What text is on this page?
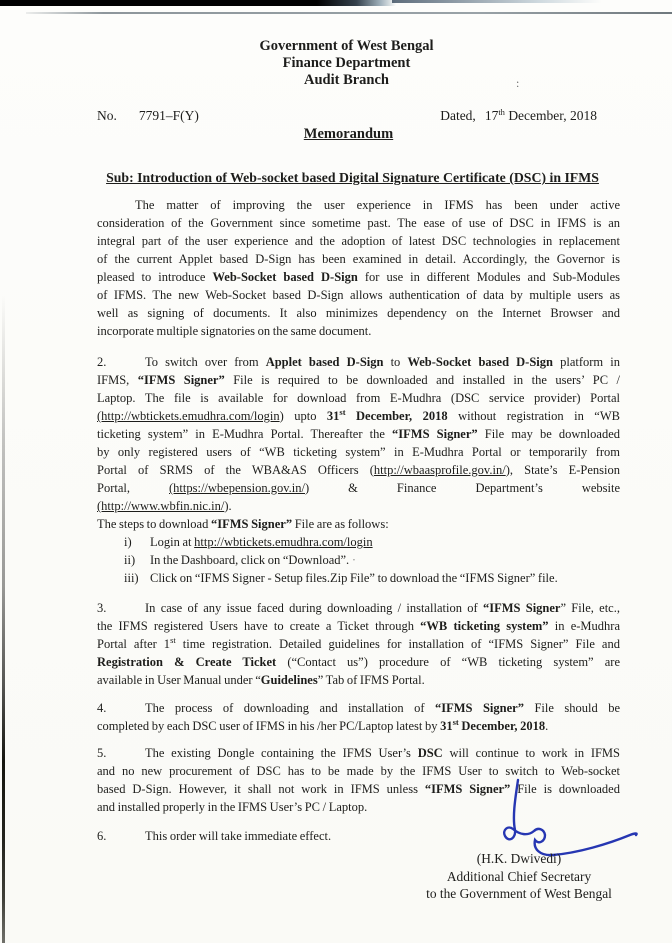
:
Government of West Bengal
Finance Department
Audit Branch
No. 7791–F(Y)	Dated, 17th December, 2018
Memorandum
Sub: Introduction of Web-socket based Digital Signature Certificate (DSC) in IFMS
The matter of improving the user experience in IFMS has been under active
consideration of the Government since sometime past. The ease of use of DSC in IFMS is an
integral part of the user experience and the adoption of latest DSC technologies in replacement
of the current Applet based D-Sign has been examined in detail. Accordingly, the Governor is
pleased to introduce Web-Socket based D-Sign for use in different Modules and Sub-Modules
of IFMS. The new Web-Socket based D-Sign allows authentication of data by multiple users as
well as signing of documents. It also minimizes dependency on the Internet Browser and
incorporate multiple signatories on the same document.
2.	To switch over from Applet based D-Sign to Web-Socket based D-Sign platform in
IFMS, “IFMS Signer” File is required to be downloaded and installed in the users’ PC /
Laptop. The file is available for download from E-Mudhra (DSC service provider) Portal
(http://wbtickets.emudhra.com/login) upto 31st December, 2018 without registration in “WB
ticketing system” in E-Mudhra Portal. Thereafter the “IFMS Signer” File may be downloaded
by only registered users of “WB ticketing system” in E-Mudhra Portal or temporarily from
Portal of SRMS of the WBA&AS Officers (http://wbaasprofile.gov.in/), State’s E-Pension
Portal, (https://wbepension.gov.in/) & Finance Department’s website
(http://www.wbfin.nic.in/).
The steps to download “IFMS Signer” File are as follows:
i) Login at http://wbtickets.emudhra.com/login
ii) In the Dashboard, click on “Download”. ·
iii) Click on “IFMS Signer - Setup files.Zip File” to download the “IFMS Signer” file.
3.	In case of any issue faced during downloading / installation of “IFMS Signer” File, etc.,
the IFMS registered Users have to create a Ticket through “WB ticketing system” in e-Mudhra
Portal after 1st time registration. Detailed guidelines for installation of “IFMS Signer” File and
Registration & Create Ticket (“Contact us”) procedure of “WB ticketing system” are
available in User Manual under “Guidelines” Tab of IFMS Portal.
4.	The process of downloading and installation of “IFMS Signer” File should be
completed by each DSC user of IFMS in his /her PC/Laptop latest by 31st December, 2018.
5.	The existing Dongle containing the IFMS User’s DSC will continue to work in IFMS
and no new procurement of DSC has to be made by the IFMS User to switch to Web-socket
based D-Sign. However, it shall not work in IFMS unless “IFMS Signer” File is downloaded
and installed properly in the IFMS User’s PC / Laptop.
6.	This order will take immediate effect.
(H.K. Dwivedi)
Additional Chief Secretary
to the Government of West Bengal
